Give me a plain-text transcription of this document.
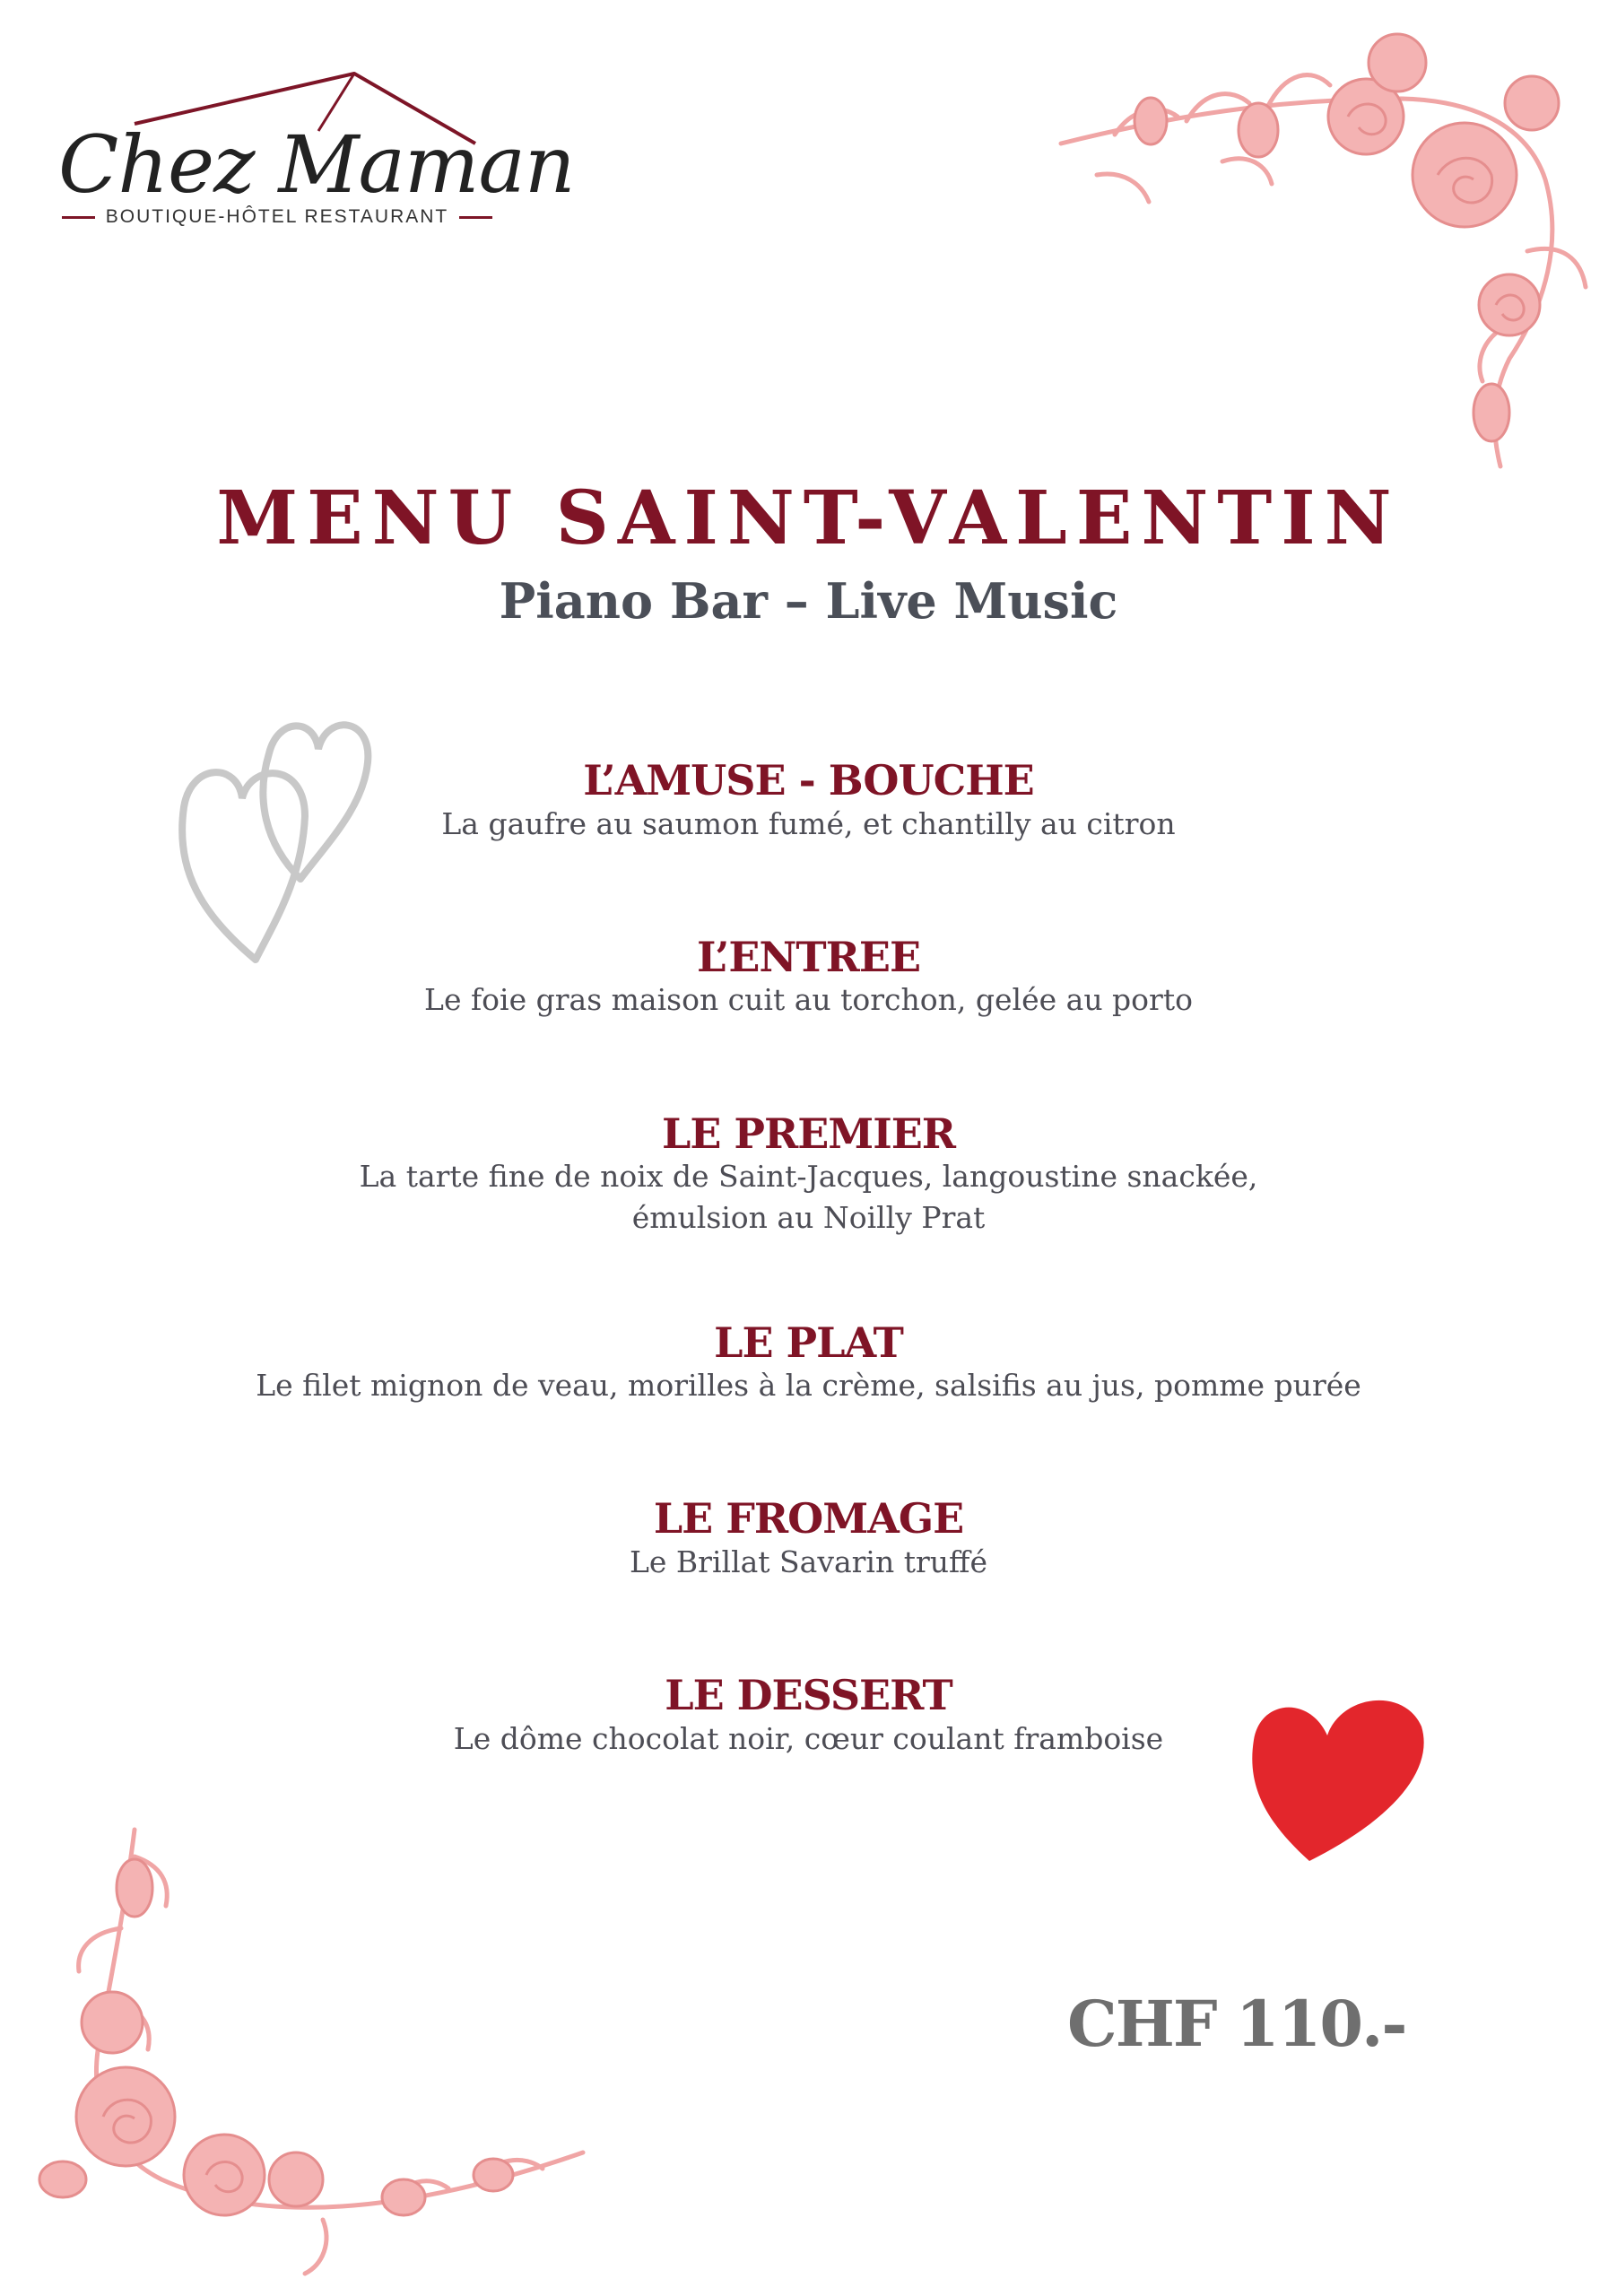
Chez Maman
BOUTIQUE-HÔTEL RESTAURANT
MENU SAINT-VALENTIN
Piano Bar – Live Music
L’AMUSE - BOUCHE
La gaufre au saumon fumé, et chantilly au citron
L’ENTREE
Le foie gras maison cuit au torchon, gelée au porto
LE PREMIER
La tarte fine de noix de Saint-Jacques, langoustine snackée, émulsion au Noilly Prat
LE PLAT
Le filet mignon de veau, morilles à la crème, salsifis au jus, pomme purée
LE FROMAGE
Le Brillat Savarin truffé
LE DESSERT
Le dôme chocolat noir, cœur coulant framboise
CHF 110.-
